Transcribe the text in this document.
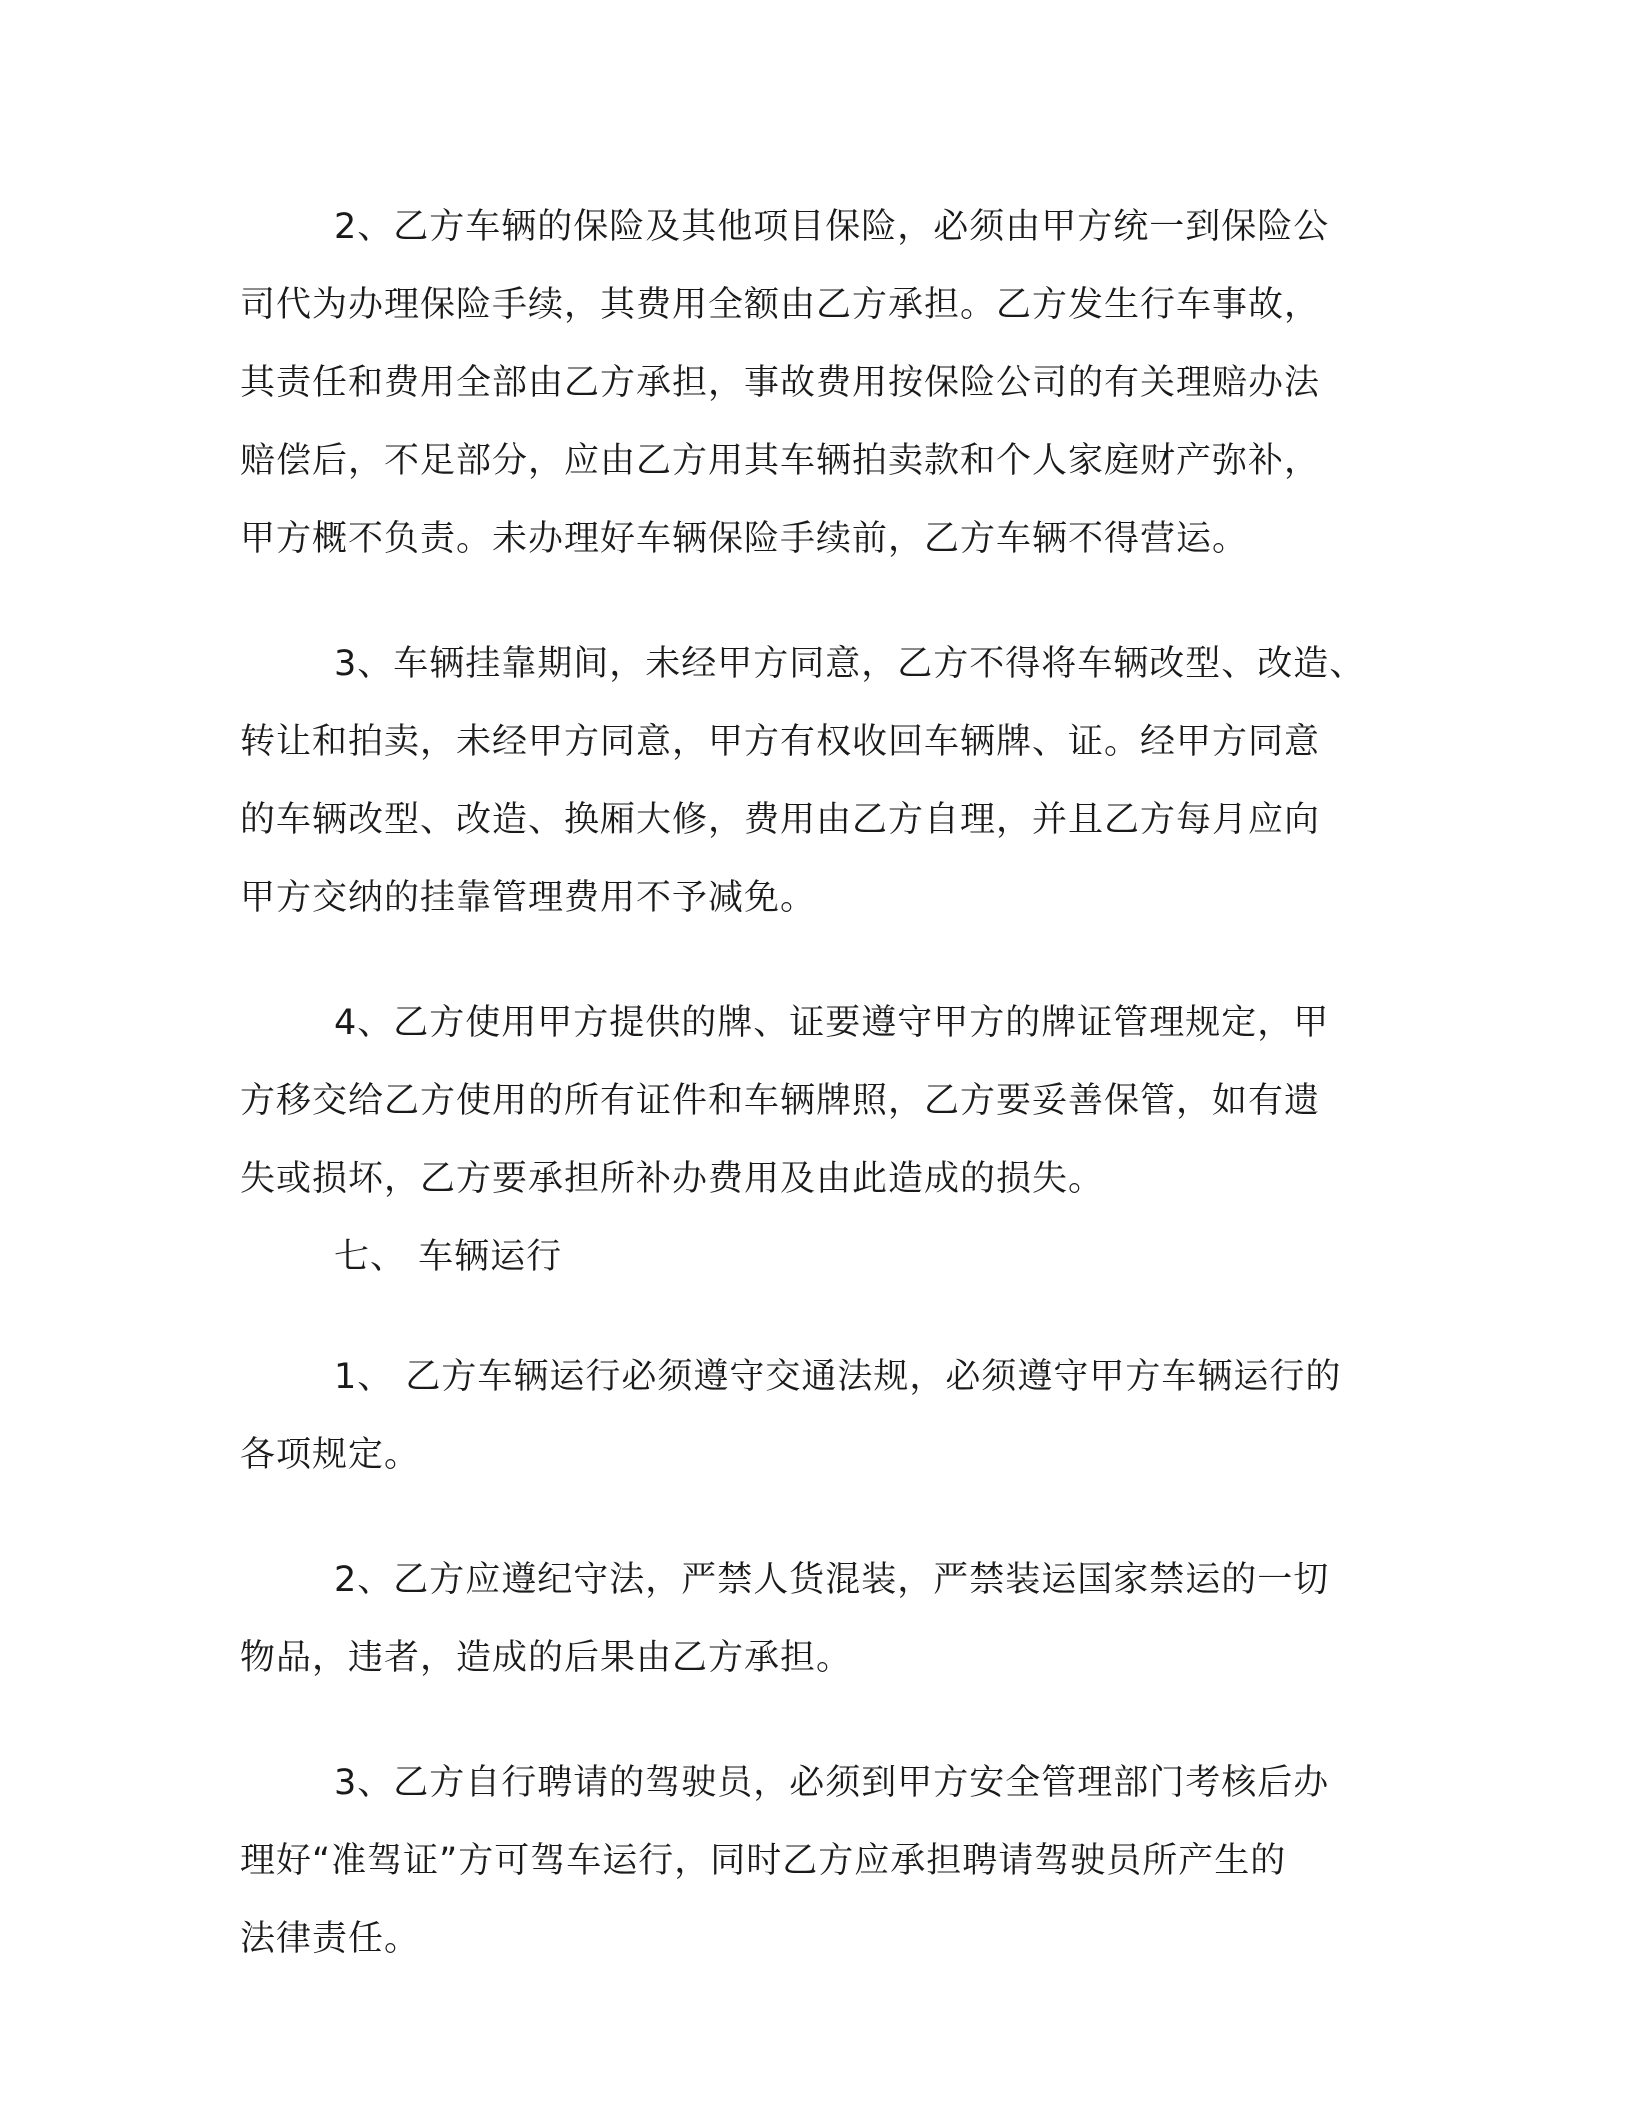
2、乙方车辆的保险及其他项目保险，必须由甲方统一到保险公
司代为办理保险手续，其费用全额由乙方承担。乙方发生行车事故，
其责任和费用全部由乙方承担，事故费用按保险公司的有关理赔办法
赔偿后，不足部分，应由乙方用其车辆拍卖款和个人家庭财产弥补，
甲方概不负责。未办理好车辆保险手续前，乙方车辆不得营运。
3、车辆挂靠期间，未经甲方同意，乙方不得将车辆改型、改造、
转让和拍卖，未经甲方同意，甲方有权收回车辆牌、证。经甲方同意
的车辆改型、改造、换厢大修，费用由乙方自理，并且乙方每月应向
甲方交纳的挂靠管理费用不予减免。
4、乙方使用甲方提供的牌、证要遵守甲方的牌证管理规定，甲
方移交给乙方使用的所有证件和车辆牌照，乙方要妥善保管，如有遗
失或损坏，乙方要承担所补办费用及由此造成的损失。
七、 车辆运行
1、 乙方车辆运行必须遵守交通法规，必须遵守甲方车辆运行的
各项规定。
2、乙方应遵纪守法，严禁人货混装，严禁装运国家禁运的一切
物品，违者，造成的后果由乙方承担。
3、乙方自行聘请的驾驶员，必须到甲方安全管理部门考核后办
理好“准驾证”方可驾车运行，同时乙方应承担聘请驾驶员所产生的
法律责任。
